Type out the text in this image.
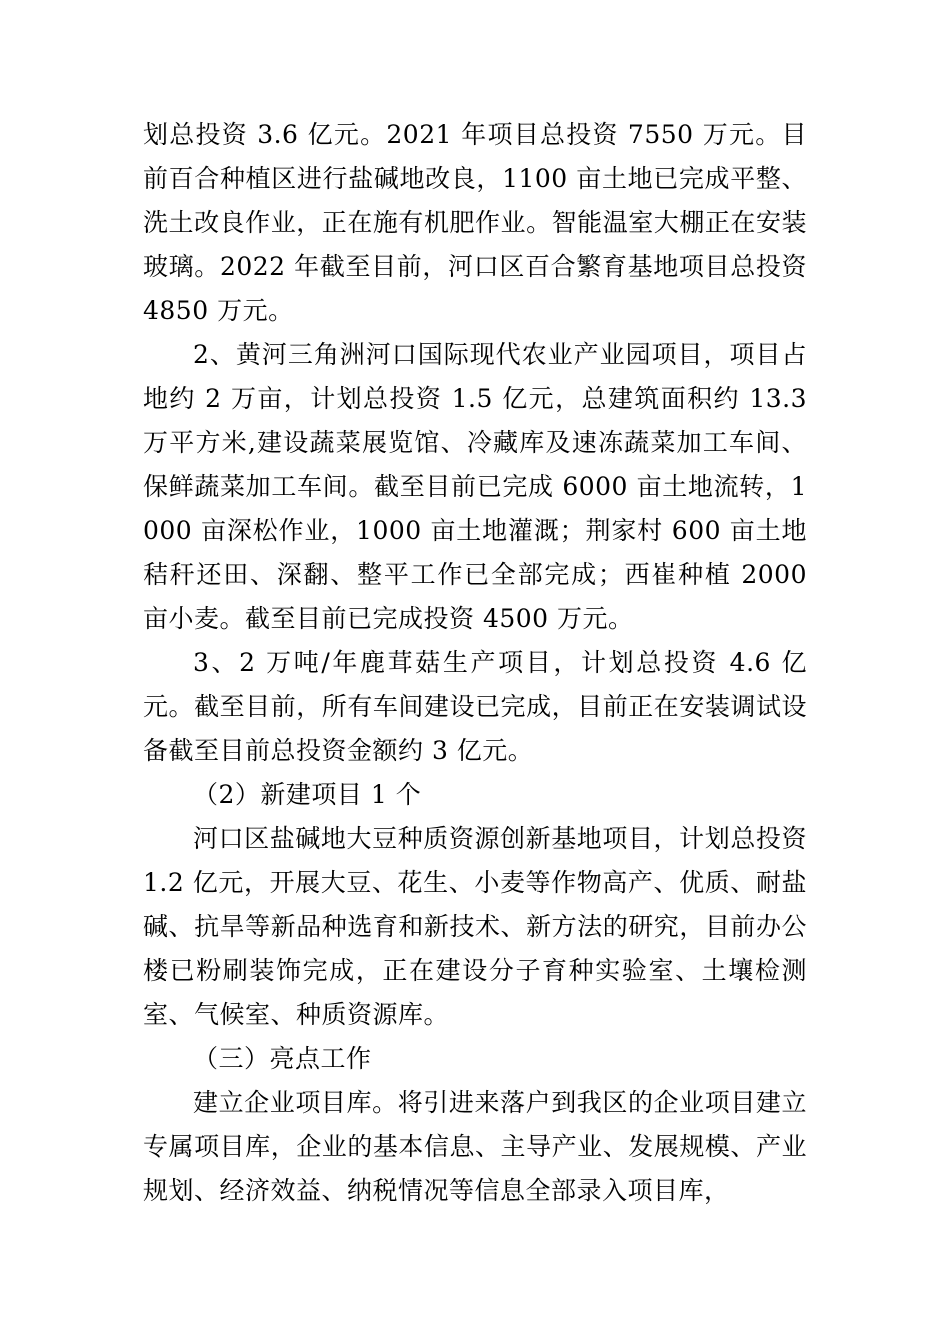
划总投资 3.6 亿元。2021 年项目总投资 7550 万元。目前百合种植区进行盐碱地改良，1100 亩土地已完成平整、洗土改良作业，正在施有机肥作业。智能温室大棚正在安装玻璃。2022 年截至目前，河口区百合繁育基地项目总投资 4850 万元。

2、黄河三角洲河口国际现代农业产业园项目，项目占地约 2 万亩，计划总投资 1.5 亿元，总建筑面积约 13.3 万平方米,建设蔬菜展览馆、冷藏库及速冻蔬菜加工车间、保鲜蔬菜加工车间。截至目前已完成 6000 亩土地流转，1000 亩深松作业，1000 亩土地灌溉；荆家村 600 亩土地秸秆还田、深翻、整平工作已全部完成；西崔种植 2000 亩小麦。截至目前已完成投资 4500 万元。

3、2 万吨/年鹿茸菇生产项目，计划总投资 4.6 亿元。截至目前，所有车间建设已完成，目前正在安装调试设备截至目前总投资金额约 3 亿元。

（2）新建项目 1 个

河口区盐碱地大豆种质资源创新基地项目，计划总投资 1.2 亿元，开展大豆、花生、小麦等作物高产、优质、耐盐碱、抗旱等新品种选育和新技术、新方法的研究，目前办公楼已粉刷装饰完成，正在建设分子育种实验室、土壤检测室、气候室、种质资源库。

（三）亮点工作

建立企业项目库。将引进来落户到我区的企业项目建立专属项目库，企业的基本信息、主导产业、发展规模、产业规划、经济效益、纳税情况等信息全部录入项目库，
